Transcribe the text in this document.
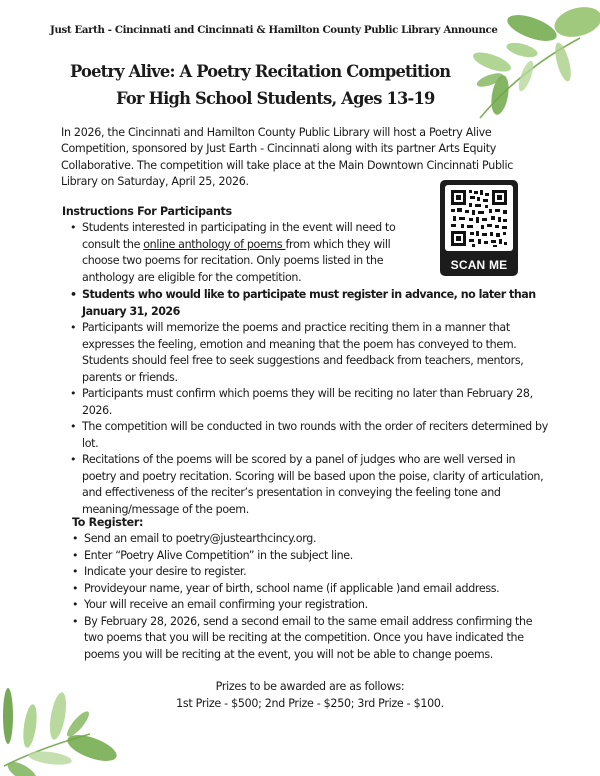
Just Earth - Cincinnati and Cincinnati & Hamilton County Public Library Announce
Poetry Alive: A Poetry Recitation Competition
For High School Students, Ages 13-19
In 2026, the Cincinnati and Hamilton County Public Library will host a Poetry Alive Competition, sponsored by Just Earth - Cincinnati along with its partner Arts Equity Collaborative. The competition will take place at the Main Downtown Cincinnati Public Library on Saturday, April 25, 2026.
SCAN ME
Instructions For Participants
• Students interested in participating in the event will need to consult the online anthology of poems from which they will choose two poems for recitation. Only poems listed in the anthology are eligible for the competition.
• Students who would like to participate must register in advance, no later than January 31, 2026
• Participants will memorize the poems and practice reciting them in a manner that expresses the feeling, emotion and meaning that the poem has conveyed to them. Students should feel free to seek suggestions and feedback from teachers, mentors, parents or friends.
• Participants must confirm which poems they will be reciting no later than February 28, 2026.
• The competition will be conducted in two rounds with the order of reciters determined by lot.
• Recitations of the poems will be scored by a panel of judges who are well versed in poetry and poetry recitation. Scoring will be based upon the poise, clarity of articulation, and effectiveness of the reciter’s presentation in conveying the feeling tone and meaning/message of the poem.
To Register:
• Send an email to poetry@justearthcincy.org.
• Enter “Poetry Alive Competition” in the subject line.
• Indicate your desire to register.
• Provideyour name, year of birth, school name (if applicable )and email address.
• Your will receive an email confirming your registration.
• By February 28, 2026, send a second email to the same email address confirming the two poems that you will be reciting at the competition. Once you have indicated the poems you will be reciting at the event, you will not be able to change poems.
Prizes to be awarded are as follows:
1st Prize - $500; 2nd Prize - $250; 3rd Prize - $100.
